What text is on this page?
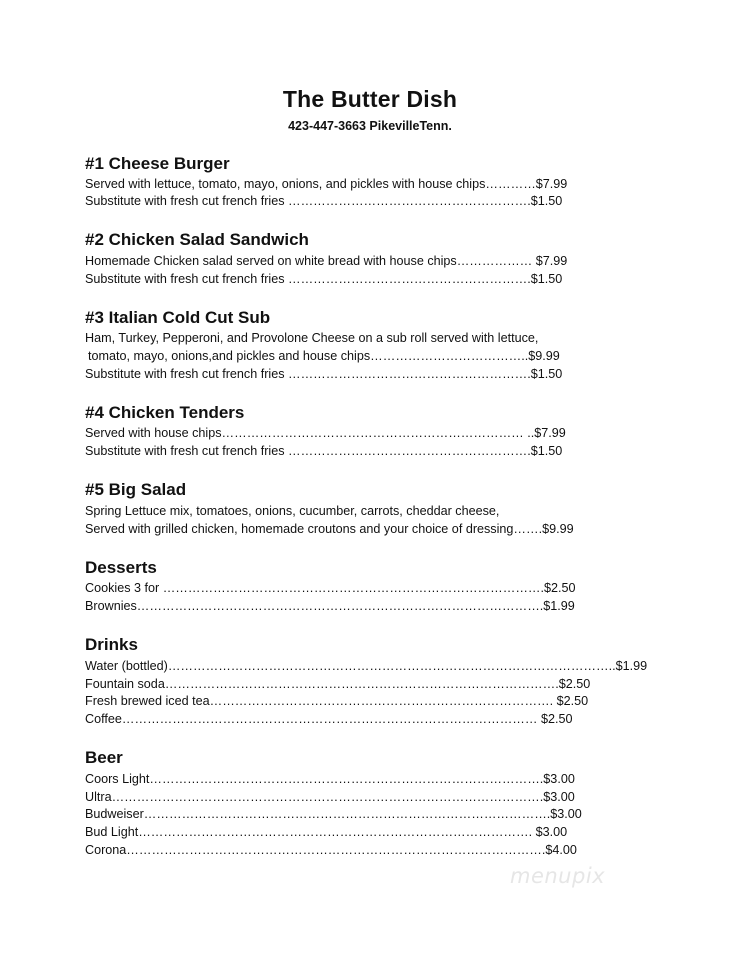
The Butter Dish
423-447-3663 PikevilleTenn.
#1 Cheese Burger
Served with lettuce, tomato, mayo, onions, and pickles with house chips…………$7.99
Substitute with fresh cut french fries ………………………………………………….$1.50
#2 Chicken Salad Sandwich
Homemade Chicken salad served on white bread with house chips……………… $7.99
Substitute with fresh cut french fries ………………………………………………….$1.50
#3 Italian Cold Cut Sub
Ham, Turkey, Pepperoni, and Provolone Cheese on a sub roll served with lettuce,
tomato, mayo, onions,and pickles and house chips………………………………..$9.99
Substitute with fresh cut french fries ………………………………………………….$1.50
#4 Chicken Tenders
Served with house chips……………………………………………………………… ..$7.99
Substitute with fresh cut french fries ………………………………………………….$1.50
#5 Big Salad
Spring Lettuce mix, tomatoes, onions, cucumber, carrots, cheddar cheese,
Served with grilled chicken, homemade croutons and your choice of dressing…….$9.99
Desserts
Cookies 3 for ……………………………………………………………………………….$2.50
Brownies…………………………………………………………………………………….$1.99
Drinks
Water (bottled)……………………………………………………………………………………………..$1.99
Fountain soda………………………………………………………………………………….$2.50
Fresh brewed iced tea………………………………………………………………………. $2.50
Coffee……………………………………………………………………………………… $2.50
Beer
Coors Light………………………………………………………………………………….$3.00
Ultra………………………………………………………………………………………….$3.00
Budweiser…………………………………………………………………………………….$3.00
Bud Light…………………………………………………………………………………. $3.00
Corona……………………………………………………………………………………….$4.00
menupix
